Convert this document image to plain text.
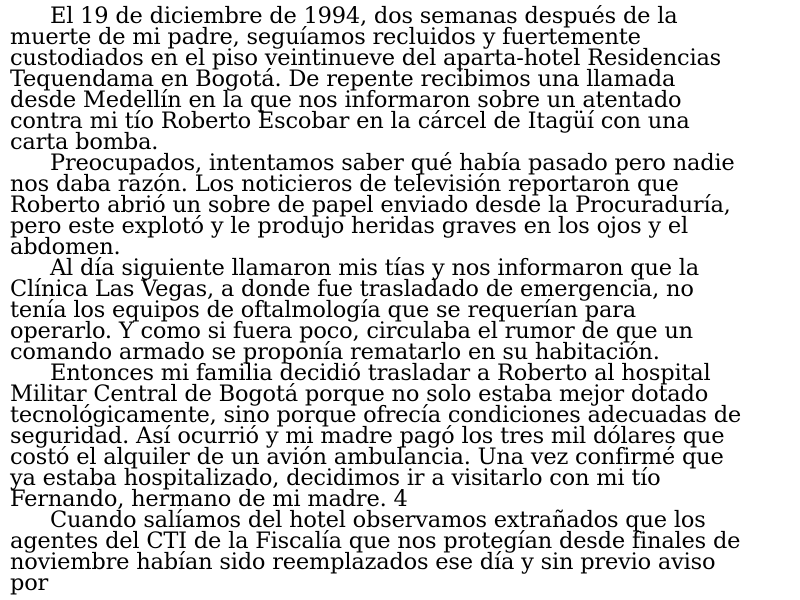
El 19 de diciembre de 1994, dos semanas después de la
muerte de mi padre, seguíamos recluidos y fuertemente
custodiados en el piso veintinueve del aparta-hotel Residencias
Tequendama en Bogotá. De repente recibimos una llamada
desde Medellín en la que nos informaron sobre un atentado
contra mi tío Roberto Escobar en la cárcel de Itagüí con una
carta bomba.
Preocupados, intentamos saber qué había pasado pero nadie
nos daba razón. Los noticieros de televisión reportaron que
Roberto abrió un sobre de papel enviado desde la Procuraduría,
pero este explotó y le produjo heridas graves en los ojos y el
abdomen.
Al día siguiente llamaron mis tías y nos informaron que la
Clínica Las Vegas, a donde fue trasladado de emergencia, no
tenía los equipos de oftalmología que se requerían para
operarlo. Y como si fuera poco, circulaba el rumor de que un
comando armado se proponía rematarlo en su habitación.
Entonces mi familia decidió trasladar a Roberto al hospital
Militar Central de Bogotá porque no solo estaba mejor dotado
tecnológicamente, sino porque ofrecía condiciones adecuadas de
seguridad. Así ocurrió y mi madre pagó los tres mil dólares que
costó el alquiler de un avión ambulancia. Una vez confirmé que
ya estaba hospitalizado, decidimos ir a visitarlo con mi tío
Fernando, hermano de mi madre. 4
Cuando salíamos del hotel observamos extrañados que los
agentes del CTI de la Fiscalía que nos protegían desde finales de
noviembre habían sido reemplazados ese día y sin previo aviso
por
